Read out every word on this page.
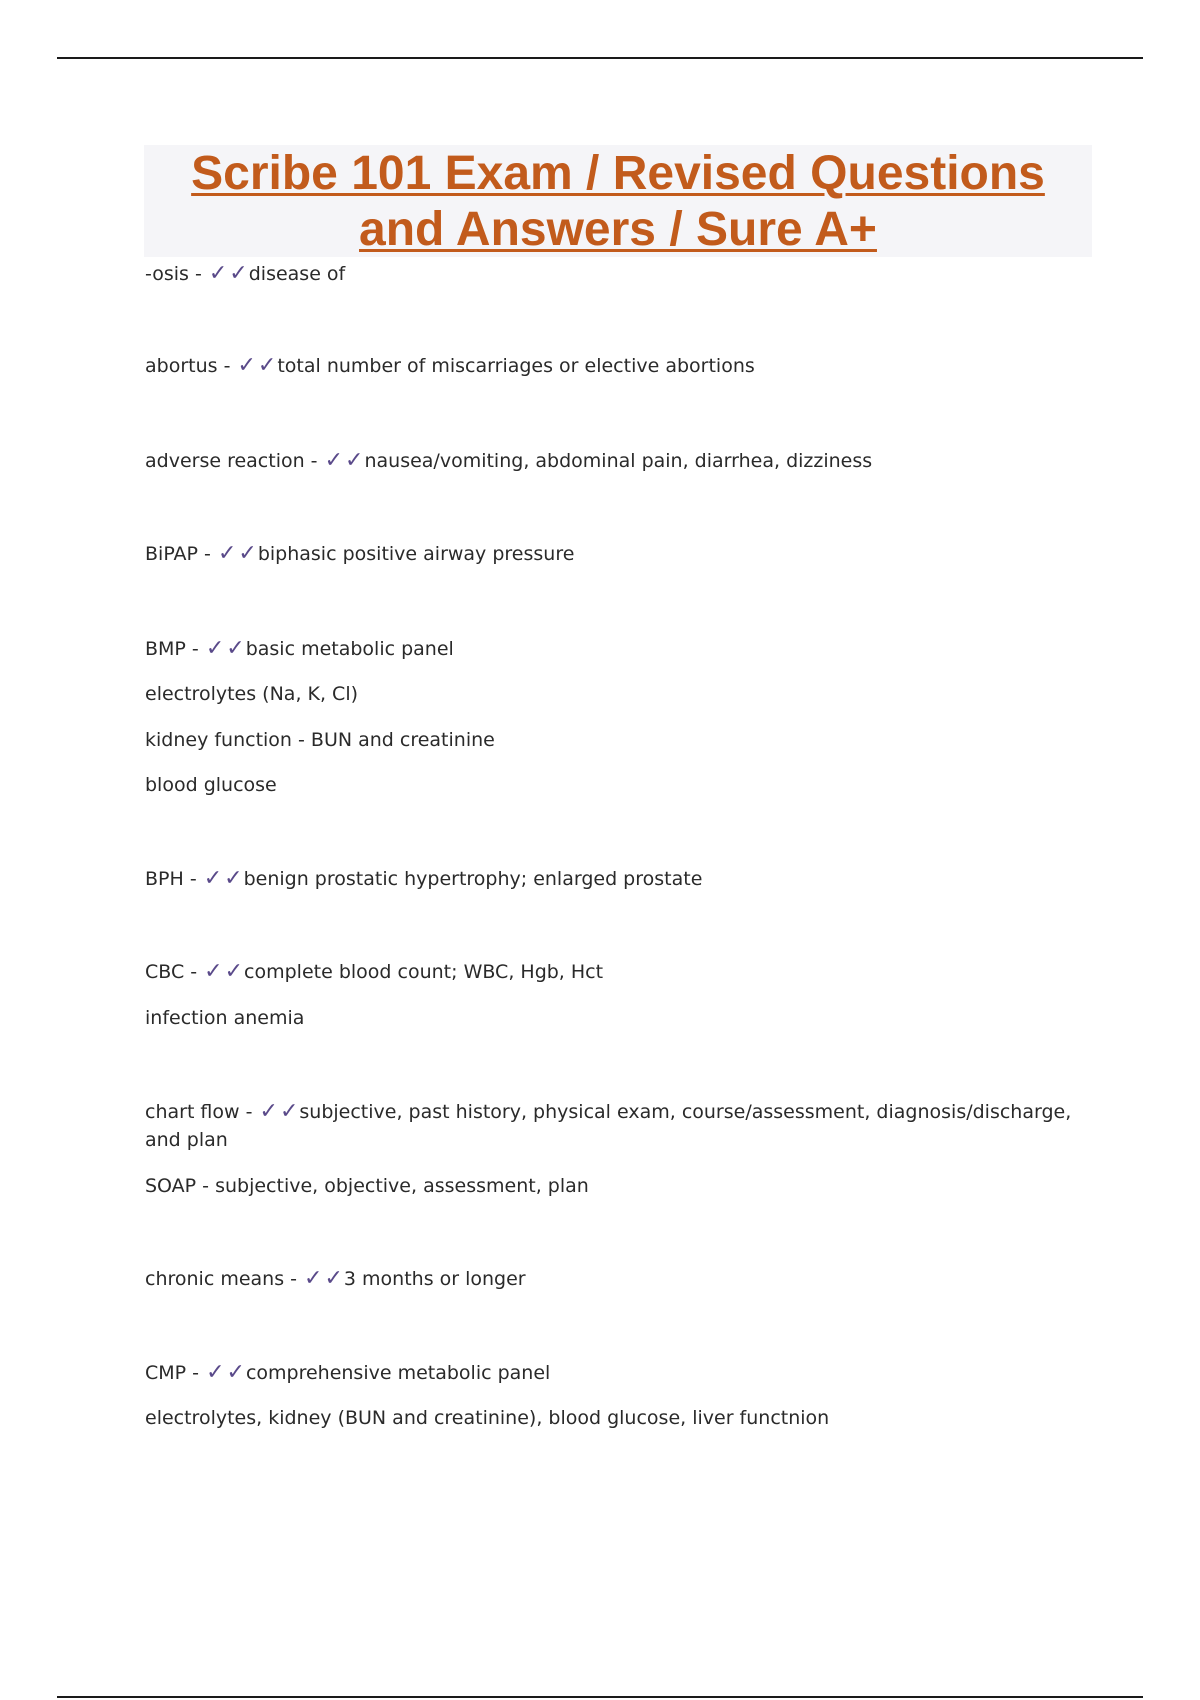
Scribe 101 Exam / Revised Questions
and Answers / Sure A+
-osis - ✓✓disease of
abortus - ✓✓total number of miscarriages or elective abortions
adverse reaction - ✓✓nausea/vomiting, abdominal pain, diarrhea, dizziness
BiPAP - ✓✓biphasic positive airway pressure
BMP - ✓✓basic metabolic panel
electrolytes (Na, K, Cl)
kidney function - BUN and creatinine
blood glucose
BPH - ✓✓benign prostatic hypertrophy; enlarged prostate
CBC - ✓✓complete blood count; WBC, Hgb, Hct
infection anemia
chart flow - ✓✓subjective, past history, physical exam, course/assessment, diagnosis/discharge, and plan
SOAP - subjective, objective, assessment, plan
chronic means - ✓✓3 months or longer
CMP - ✓✓comprehensive metabolic panel
electrolytes, kidney (BUN and creatinine), blood glucose, liver functnion
